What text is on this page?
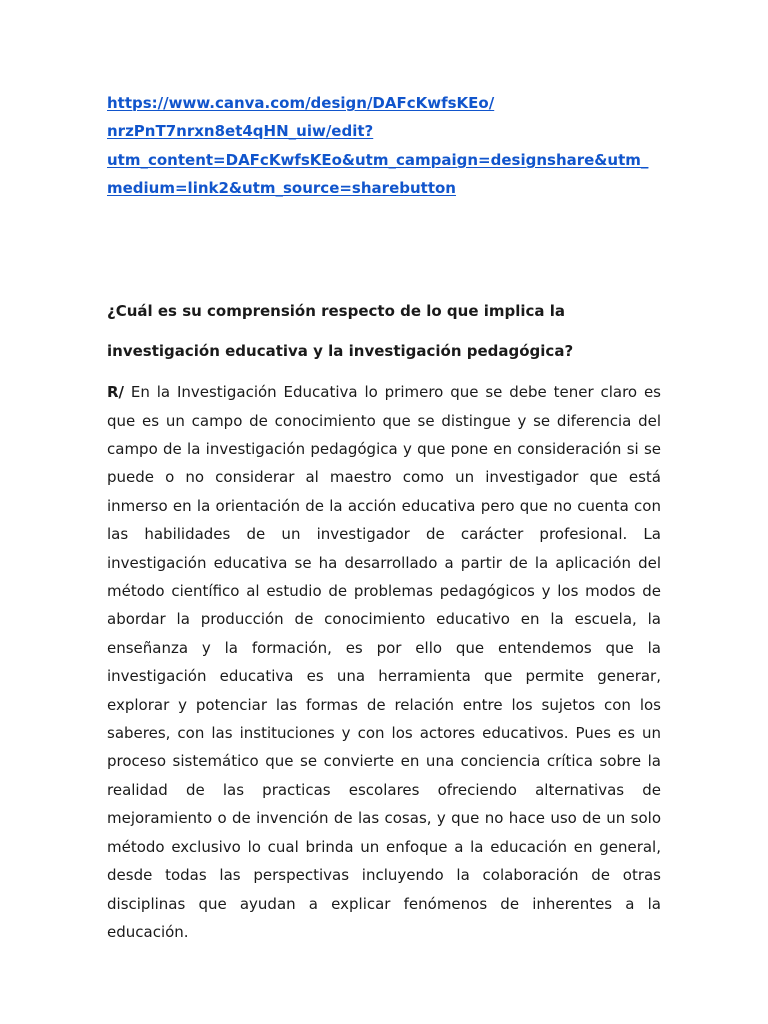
https://www.canva.com/design/DAFcKwfsKEo/
nrzPnT7nrxn8et4qHN_uiw/edit?
utm_content=DAFcKwfsKEo&utm_campaign=designshare&utm_
medium=link2&utm_source=sharebutton
¿Cuál es su comprensión respecto de lo que implica la
investigación educativa y la investigación pedagógica?

R/ En la Investigación Educativa lo primero que se debe tener claro es que es un campo de conocimiento que se distingue y se diferencia del campo de la investigación pedagógica y que pone en consideración si se puede o no considerar al maestro como un investigador que está inmerso en la orientación de la acción educativa pero que no cuenta con las habilidades de un investigador de carácter profesional. La investigación educativa se ha desarrollado a partir de la aplicación del método científico al estudio de problemas pedagógicos y los modos de abordar la producción de conocimiento educativo en la escuela, la enseñanza y la formación, es por ello que entendemos que la investigación educativa es una herramienta que permite generar, explorar y potenciar las formas de relación entre los sujetos con los saberes, con las instituciones y con los actores educativos. Pues es un proceso sistemático que se convierte en una conciencia crítica sobre la realidad de las practicas escolares ofreciendo alternativas de mejoramiento o de invención de las cosas, y que no hace uso de un solo método exclusivo lo cual brinda un enfoque a la educación en general, desde todas las perspectivas incluyendo la colaboración de otras disciplinas que ayudan a explicar fenómenos de inherentes a la educación.
